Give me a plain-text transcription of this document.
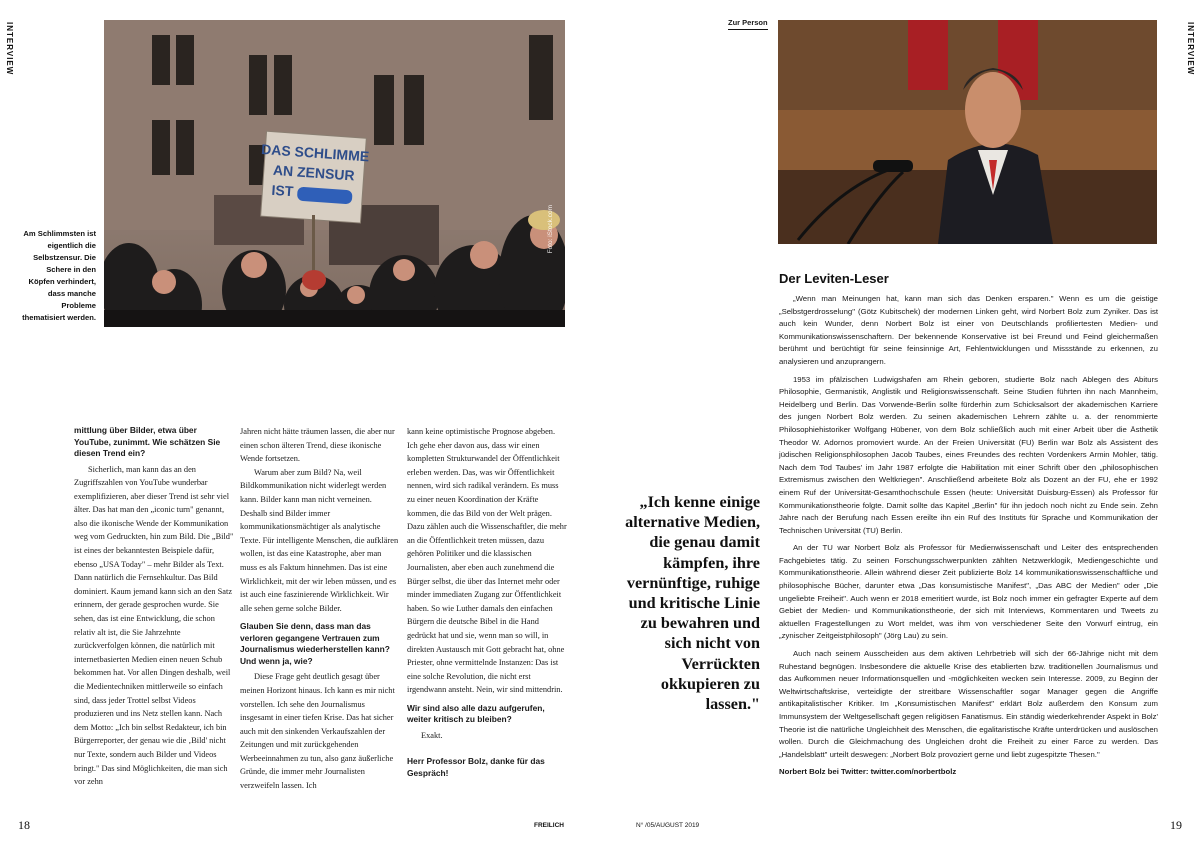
INTERVIEW	INTERVIEW
DAS SCHLIMME
AN ZENSUR
IST
Foto: iStock.com
Am Schlimmsten ist eigentlich die Selbstzensur. Die Schere in den Köpfen verhindert, dass manche Probleme thematisiert werden.

mittlung über Bilder, etwa über YouTube, zunimmt. Wie schätzen Sie diesen Trend ein?

Sicherlich, man kann das an den Zugriffszahlen von YouTube wunderbar exemplifizieren, aber dieser Trend ist sehr viel älter. Das hat man den „iconic turn" genannt, also die ikonische Wende der Kommunikation weg vom Gedruckten, hin zum Bild. Die „Bild" ist eines der bekanntesten Beispiele dafür, ebenso „USA Today" – mehr Bilder als Text. Dann natürlich die Fernsehkultur. Das Bild dominiert. Kaum jemand kann sich an den Satz erinnern, der gerade gesprochen wurde. Sie sehen, das ist eine Entwicklung, die schon relativ alt ist, die Sie Jahrzehnte zurückverfolgen können, die natürlich mit internetbasierten Medien einen neuen Schub bekommen hat. Vor allen Dingen deshalb, weil die Medientechniken mittlerweile so einfach sind, dass jeder Trottel selbst Videos produzieren und ins Netz stellen kann. Nach dem Motto: „Ich bin selbst Redakteur, ich bin Bürgerreporter, der genau wie die ‚Bild' nicht nur Texte, sondern auch Bilder und Videos bringt." Das sind Möglichkeiten, die man sich vor zehn

Jahren nicht hätte träumen lassen, die aber nur einen schon älteren Trend, diese ikonische Wende fortsetzen.

Warum aber zum Bild? Na, weil Bildkommunikation nicht widerlegt werden kann. Bilder kann man nicht verneinen. Deshalb sind Bilder immer kommunikationsmächtiger als analytische Texte. Für intelligente Menschen, die aufklären wollen, ist das eine Katastrophe, aber man muss es als Faktum hinnehmen. Das ist eine Wirklichkeit, mit der wir leben müssen, und es ist auch eine faszinierende Wirklichkeit. Wir alle sehen gerne solche Bilder.

Glauben Sie denn, dass man das verloren gegangene Vertrauen zum Journalismus wiederherstellen kann? Und wenn ja, wie?

Diese Frage geht deutlich gesagt über meinen Horizont hinaus. Ich kann es mir nicht vorstellen. Ich sehe den Journalismus insgesamt in einer tiefen Krise. Das hat sicher auch mit den sinkenden Verkaufszahlen der Zeitungen und mit zurückgehenden Werbeeinnahmen zu tun, also ganz äußerliche Gründe, die immer mehr Journalisten verzweifeln lassen. Ich

kann keine optimistische Prognose abgeben. Ich gehe eher davon aus, dass wir einen kompletten Strukturwandel der Öffentlichkeit erleben werden. Das, was wir Öffentlichkeit nennen, wird sich radikal verändern. Es muss zu einer neuen Koordination der Kräfte kommen, die das Bild von der Welt prägen. Dazu zählen auch die Wissenschaftler, die mehr an die Öffentlichkeit treten müssen, dazu gehören Politiker und die klassischen Journalisten, aber eben auch zunehmend die Bürger selbst, die über das Internet mehr oder minder immediaten Zugang zur Öffentlichkeit haben. So wie Luther damals den einfachen Bürgern die deutsche Bibel in die Hand gedrückt hat und sie, wenn man so will, in direkten Austausch mit Gott gebracht hat, ohne Priester, ohne vermittelnde Instanzen: Das ist eine solche Revolution, die nicht erst irgendwann ansteht. Nein, wir sind mittendrin.

Wir sind also alle dazu aufgerufen, weiter kritisch zu bleiben?

Exakt.

Herr Professor Bolz, danke für das Gespräch!

„Ich kenne einige alternative Medien, die genau damit kämpfen, ihre vernünftige, ruhige und kritische Linie zu bewahren und sich nicht von Verrückten okkupieren zu lassen."
Zur Person
Der Leviten-Leser

„Wenn man Meinungen hat, kann man sich das Denken ersparen." Wenn es um die geistige „Selbstgerdrosselung" (Götz Kubitschek) der modernen Linken geht, wird Norbert Bolz zum Zyniker. Das ist auch kein Wunder, denn Norbert Bolz ist einer von Deutschlands profiliertesten Medien- und Kommunikationswissenschaftern. Der bekennende Konservative ist bei Freund und Feind gleichermaßen berühmt und berüchtigt für seine feinsinnige Art, Fehlentwicklungen und Missstände zu erkennen, zu analysieren und anzuprangern.

1953 im pfälzischen Ludwigshafen am Rhein geboren, studierte Bolz nach Ablegen des Abiturs Philosophie, Germanistik, Anglistik und Religionswissenschaft. Seine Studien führten ihn nach Mannheim, Heidelberg und Berlin. Das Vorwende-Berlin sollte fürderhin zum Schicksalsort der akademischen Karriere des jungen Norbert Bolz werden. Zu seinen akademischen Lehrern zählte u. a. der renommierte Philosophiehistoriker Wolfgang Hübener, von dem Bolz schließlich auch mit einer Arbeit über die Ästhetik Theodor W. Adornos promoviert wurde. An der Freien Universität (FU) Berlin war Bolz als Assistent des jüdischen Religionsphilosophen Jacob Taubes, eines Freundes des rechten Vordenkers Armin Mohler, tätig. Nach dem Tod Taubes' im Jahr 1987 erfolgte die Habilitation mit einer Schrift über den „philosophischen Extremismus zwischen den Weltkriegen". Anschließend arbeitete Bolz als Dozent an der FU, ehe er 1992 einem Ruf der Universität-Gesamthochschule Essen (heute: Universität Duisburg-Essen) als Professor für Kommunikationstheorie folgte. Damit sollte das Kapitel „Berlin" für ihn jedoch noch nicht zu Ende sein. Zehn Jahre nach der Berufung nach Essen ereilte ihn ein Ruf des Instituts für Sprache und Kommunikation der Technischen Universität (TU) Berlin.

An der TU war Norbert Bolz als Professor für Medienwissenschaft und Leiter des entsprechenden Fachgebietes tätig. Zu seinen Forschungsschwerpunkten zählten Netzwerklogik, Mediengeschichte und Kommunikationstheorie. Allein während dieser Zeit publizierte Bolz 14 kommunikationswissenschaftliche und philosophische Bücher, darunter etwa „Das konsumistische Manifest", „Das ABC der Medien" oder „Die ungeliebte Freiheit". Auch wenn er 2018 emeritiert wurde, ist Bolz noch immer ein gefragter Experte auf dem Gebiet der Medien- und Kommunikationstheorie, der sich mit Interviews, Kommentaren und Tweets zu aktuellen Fragestellungen zu Wort meldet, was ihm von verschiedener Seite den Vorwurf eintrug, ein „zynischer Zeitgeistphilosoph" (Jörg Lau) zu sein.

Auch nach seinem Ausscheiden aus dem aktiven Lehrbetrieb will sich der 66-Jährige nicht mit dem Ruhestand begnügen. Insbesondere die aktuelle Krise des etablierten bzw. traditionellen Journalismus und das Aufkommen neuer Informationsquellen und -möglichkeiten wecken sein Interesse. 2009, zu Beginn der Weltwirtschaftskrise, verteidigte der streitbare Wissenschaftler sogar Manager gegen die Angriffe antikapitalistischer Kritiker. Im „Konsumistischen Manifest" erklärt Bolz außerdem den Konsum zum Immunsystem der Weltgesellschaft gegen religiösen Fanatismus. Ein ständig wiederkehrender Aspekt in Bolz' Theorie ist die natürliche Ungleichheit des Menschen, die egalitaristische Kräfte unterdrücken und auslöschen wollen. Durch die Gleichmachung des Ungleichen droht die Freiheit zu einer Farce zu werden. Das „Handelsblatt" urteilt deswegen: „Norbert Bolz provoziert gerne und liebt zugespitzte Thesen."

Norbert Bolz bei Twitter: twitter.com/norbertbolz

18	19
FREILICH	N° /05/AUGUST 2019
